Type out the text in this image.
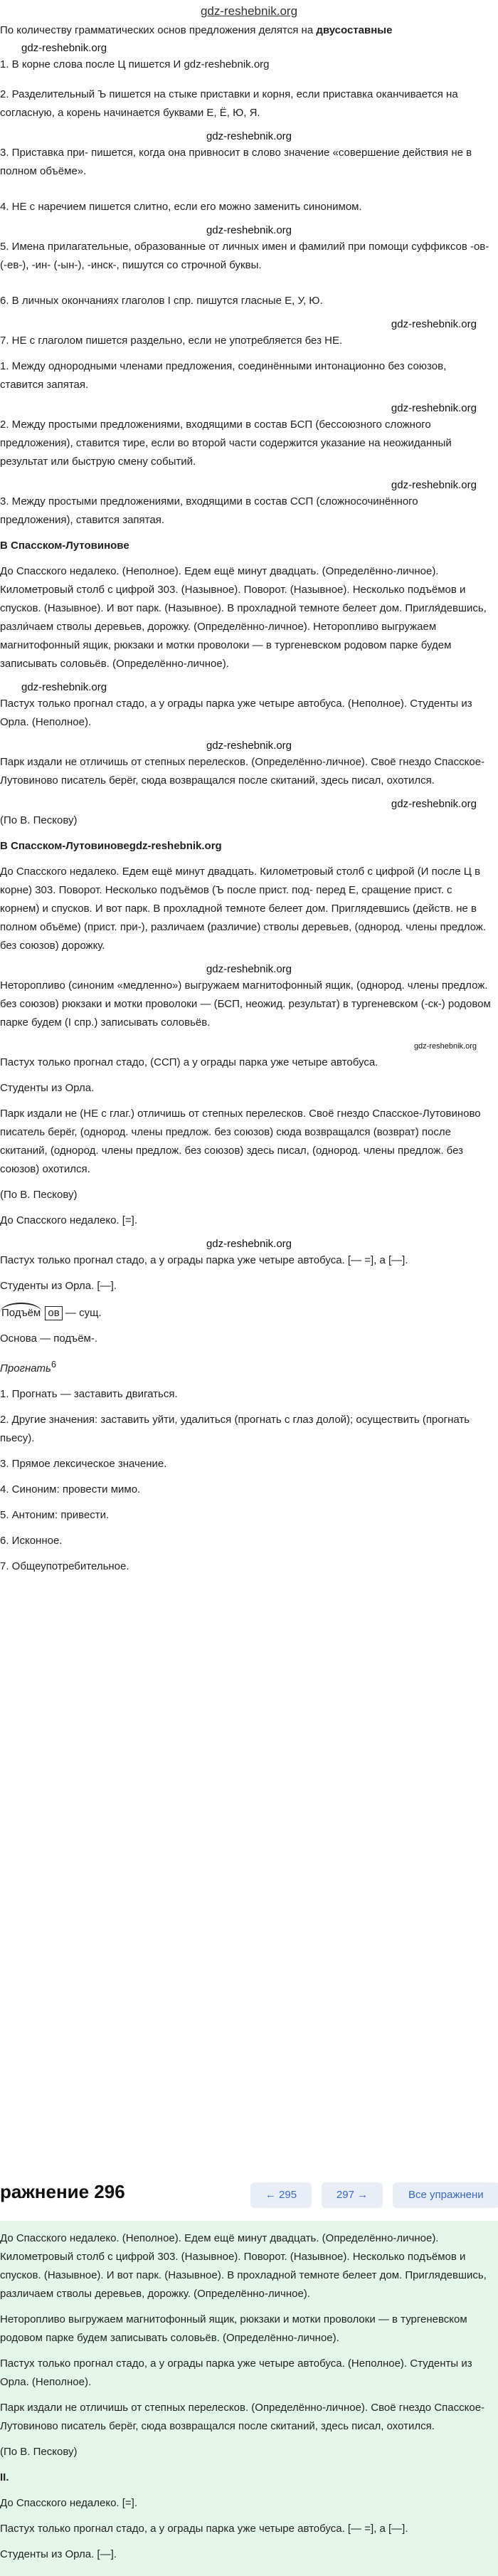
gdz-reshebnik.org

По количеству грамматических основ предложения делятся на двусоставные

gdz-reshebnik.org

1. В корне слова после Ц пишется И gdz-reshebnik.org

2. Разделительный Ъ пишется на стыке приставки и корня, если приставка оканчивается на согласную, а корень начинается буквами Е, Ё, Ю, Я.

gdz-reshebnik.org

3. Приставка при- пишется, когда она привносит в слово значение «совершение действия не в полном объёме».

4. НЕ с наречием пишется слитно, если его можно заменить синонимом.

gdz-reshebnik.org

5. Имена прилагательные, образованные от личных имен и фамилий при помощи суффиксов -ов- (-ев-), -ин- (-ын-), -инск-, пишутся со строчной буквы.

6. В личных окончаниях глаголов I спр. пишутся гласные Е, У, Ю.

gdz-reshebnik.org

7. НЕ с глаголом пишется раздельно, если не употребляется без НЕ.

1. Между однородными членами предложения, соединёнными интонационно без союзов, ставится запятая.

gdz-reshebnik.org

2. Между простыми предложениями, входящими в состав БСП (бессоюзного сложного предложения), ставится тире, если во второй части содержится указание на неожиданный результат или быструю смену событий.

gdz-reshebnik.org

3. Между простыми предложениями, входящими в состав ССП (сложносочинённого предложения), ставится запятая.

В Спасском-Лутовинове

До Спасского недалеко. (Неполное). Едем ещё минут двадцать. (Определённо-личное). Километровый столб с цифрой 303. (Назывное). Поворот. (Назывное). Несколько подъёмов и спусков. (Назывное). И вот парк. (Назывное). В прохладной темноте белеет дом. Пригля́девшись, разли́чаем стволы деревьев, дорожку. (Определённо-личное). Неторопливо выгружаем магнитофонный ящик, рюкзаки и мотки проволоки — в тургеневском родовом парке будем записывать соловьёв. (Определённо-личное).

gdz-reshebnik.org

Пастух только прогнал стадо, а у ограды парка уже четыре автобуса. (Неполное). Студенты из Орла. (Неполное).

gdz-reshebnik.org

Парк издали не отличишь от степных перелесков. (Определённо-личное). Своё гнездо Спасское-Лутовиново писатель берёг, сюда возвращался после скитаний, здесь писал, охотился.

gdz-reshebnik.org

(По В. Пескову)

В Спасском-Лутовиновеgdz-reshebnik.org

До Спасского недалеко. Едем ещё минут двадцать. Километровый столб с цифрой (И после Ц в корне) 303. Поворот. Несколько подъёмов (Ъ после прист. под- перед Е, сращение прист. с корнем) и спусков. И вот парк. В прохладной темноте белеет дом. Приглядевшись (действ. не в полном объёме) (прист. при-), различаем (различие) стволы деревьев, (однород. члены предлож. без союзов) дорожку.

gdz-reshebnik.org

Неторопливо (синоним «медленно») выгружаем магнитофонный ящик, (однород. члены предлож. без союзов) рюкзаки и мотки проволоки — (БСП, неожид. результат) в тургеневском (-ск-) родовом парке будем (I спр.) записывать соловьёв.

gdz-reshebnik.org

Пастух только прогнал стадо, (ССП) а у ограды парка уже четыре автобуса.

Студенты из Орла.

Парк издали не (НЕ с глаг.) отличишь от степных перелесков. Своё гнездо Спасское-Лутовиново писатель берёг, (однород. члены предлож. без союзов) сюда возвращался (возврат) после скитаний, (однород. члены предлож. без союзов) здесь писал, (однород. члены предлож. без союзов) охотился.

(По В. Пескову)

До Спасского недалеко. [=].

gdz-reshebnik.org

Пастух только прогнал стадо, а у ограды парка уже четыре автобуса. [— =], а [—].

Студенты из Орла. [—].

Подъём ов — сущ.

Основа — подъём-.

Прогнать$^6$

1. Прогнать — заставить двигаться.

2. Другие значения: заставить уйти, удалиться (прогнать с глаз долой); осуществить (прогнать пьесу).

3. Прямое лексическое значение.

4. Синоним: провести мимо.

5. Антоним: привести.

6. Исконное.

7. Общеупотребительное.

ражнение 296	← 295	297 →	Все упражнени

До Спасского недалеко. (Неполное). Едем ещё минут двадцать. (Определённо-личное). Километровый столб с цифрой 303. (Назывное). Поворот. (Назывное). Несколько подъёмов и спусков. (Назывное). И вот парк. (Назывное). В прохладной темноте белеет дом. Приглядевшись, различаем стволы деревьев, дорожку. (Определённо-личное).

Неторопливо выгружаем магнитофонный ящик, рюкзаки и мотки проволоки — в тургеневском родовом парке будем записывать соловьёв. (Определённо-личное).

Пастух только прогнал стадо, а у ограды парка уже четыре автобуса. (Неполное). Студенты из Орла. (Неполное).

Парк издали не отличишь от степных перелесков. (Определённо-личное). Своё гнездо Спасское-Лутовиново писатель берёг, сюда возвращался после скитаний, здесь писал, охотился.

(По В. Пескову)

II.

До Спасского недалеко. [=].

Пастух только прогнал стадо, а у ограды парка уже четыре автобуса. [— =], а [—].

Студенты из Орла. [—].
